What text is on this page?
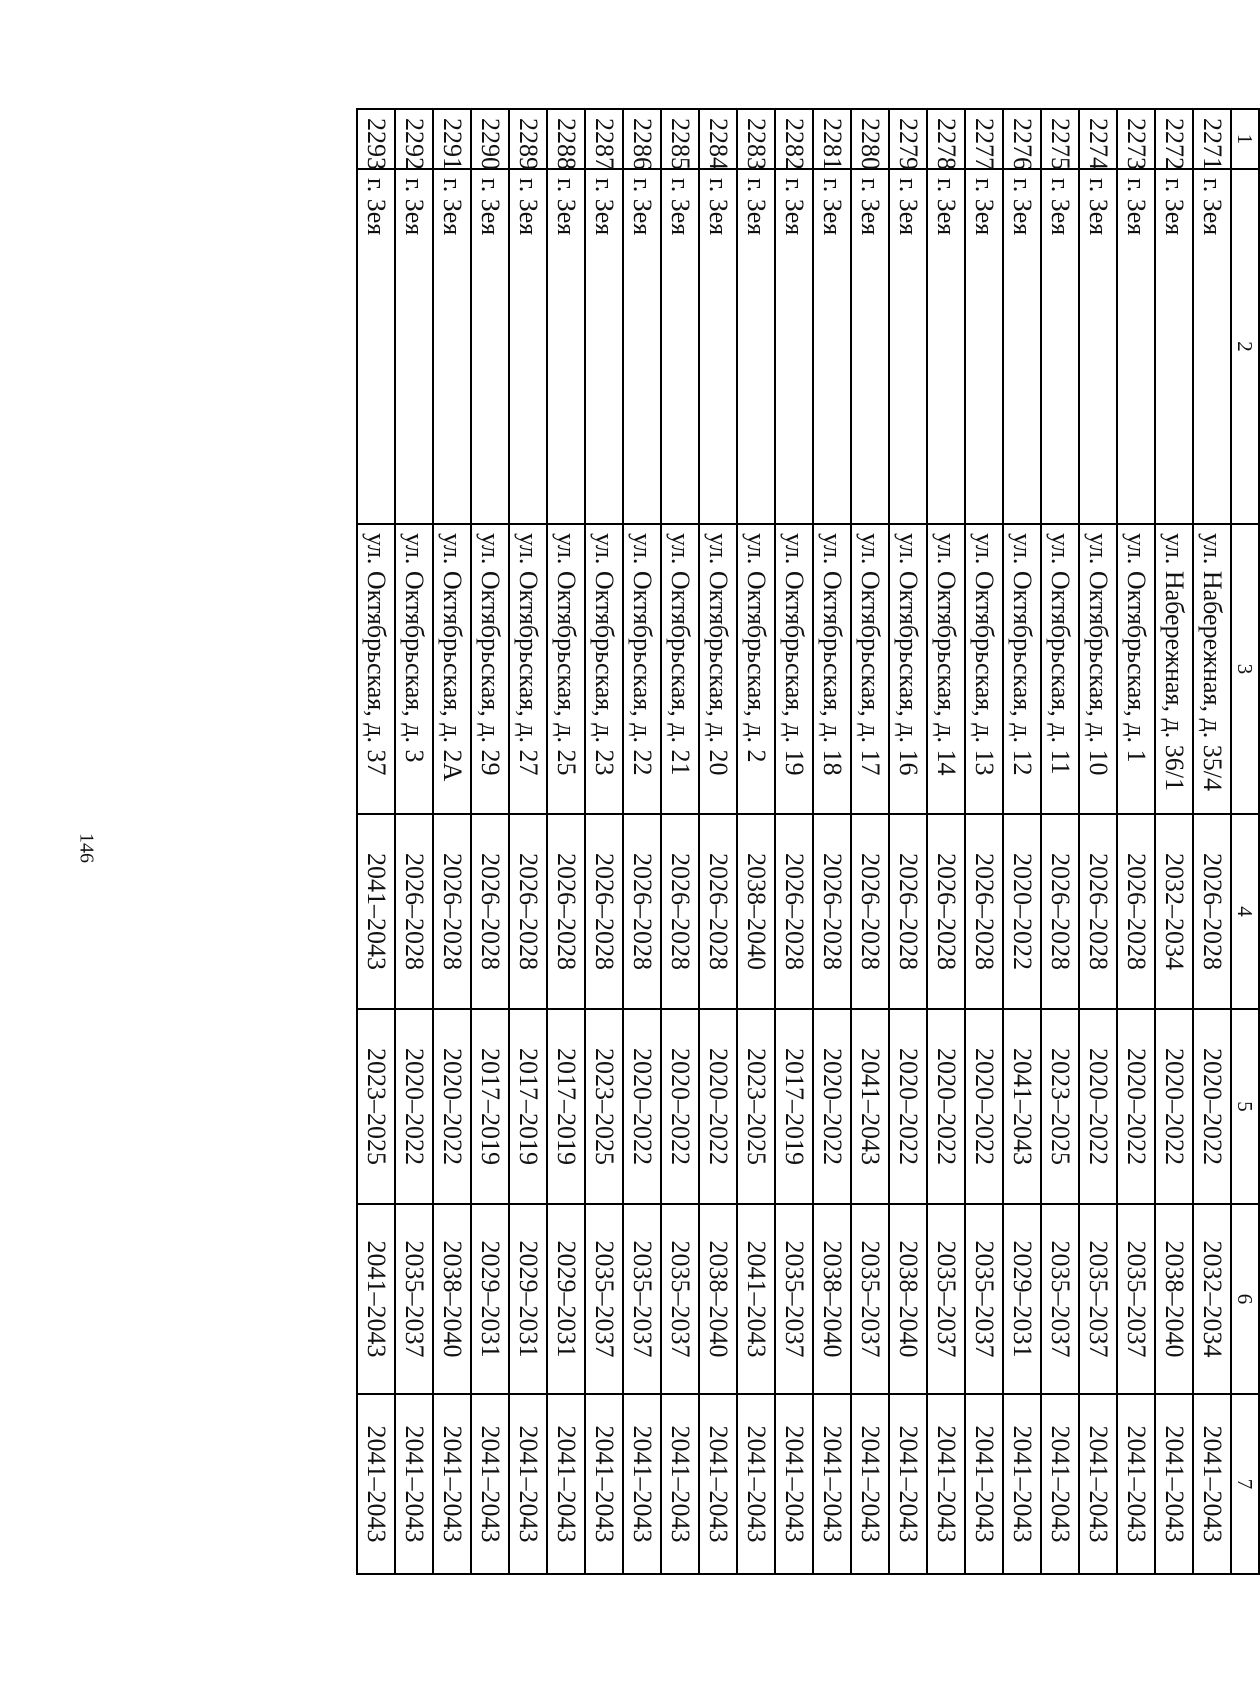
146
1	2	3	4	5	6	7
2271	г. Зея	ул. Набережная, д. 35/4	2026–2028	2020–2022	2032–2034	2041–2043
2272	г. Зея	ул. Набережная, д. 36/1	2032–2034	2020–2022	2038–2040	2041–2043
2273	г. Зея	ул. Октябрьская, д. 1	2026–2028	2020–2022	2035–2037	2041–2043
2274	г. Зея	ул. Октябрьская, д. 10	2026–2028	2020–2022	2035–2037	2041–2043
2275	г. Зея	ул. Октябрьская, д. 11	2026–2028	2023–2025	2035–2037	2041–2043
2276	г. Зея	ул. Октябрьская, д. 12	2020–2022	2041–2043	2029–2031	2041–2043
2277	г. Зея	ул. Октябрьская, д. 13	2026–2028	2020–2022	2035–2037	2041–2043
2278	г. Зея	ул. Октябрьская, д. 14	2026–2028	2020–2022	2035–2037	2041–2043
2279	г. Зея	ул. Октябрьская, д. 16	2026–2028	2020–2022	2038–2040	2041–2043
2280	г. Зея	ул. Октябрьская, д. 17	2026–2028	2041–2043	2035–2037	2041–2043
2281	г. Зея	ул. Октябрьская, д. 18	2026–2028	2020–2022	2038–2040	2041–2043
2282	г. Зея	ул. Октябрьская, д. 19	2026–2028	2017–2019	2035–2037	2041–2043
2283	г. Зея	ул. Октябрьская, д. 2	2038–2040	2023–2025	2041–2043	2041–2043
2284	г. Зея	ул. Октябрьская, д. 20	2026–2028	2020–2022	2038–2040	2041–2043
2285	г. Зея	ул. Октябрьская, д. 21	2026–2028	2020–2022	2035–2037	2041–2043
2286	г. Зея	ул. Октябрьская, д. 22	2026–2028	2020–2022	2035–2037	2041–2043
2287	г. Зея	ул. Октябрьская, д. 23	2026–2028	2023–2025	2035–2037	2041–2043
2288	г. Зея	ул. Октябрьская, д. 25	2026–2028	2017–2019	2029–2031	2041–2043
2289	г. Зея	ул. Октябрьская, д. 27	2026–2028	2017–2019	2029–2031	2041–2043
2290	г. Зея	ул. Октябрьская, д. 29	2026–2028	2017–2019	2029–2031	2041–2043
2291	г. Зея	ул. Октябрьская, д. 2А	2026–2028	2020–2022	2038–2040	2041–2043
2292	г. Зея	ул. Октябрьская, д. 3	2026–2028	2020–2022	2035–2037	2041–2043
2293	г. Зея	ул. Октябрьская, д. 37	2041–2043	2023–2025	2041–2043	2041–2043
